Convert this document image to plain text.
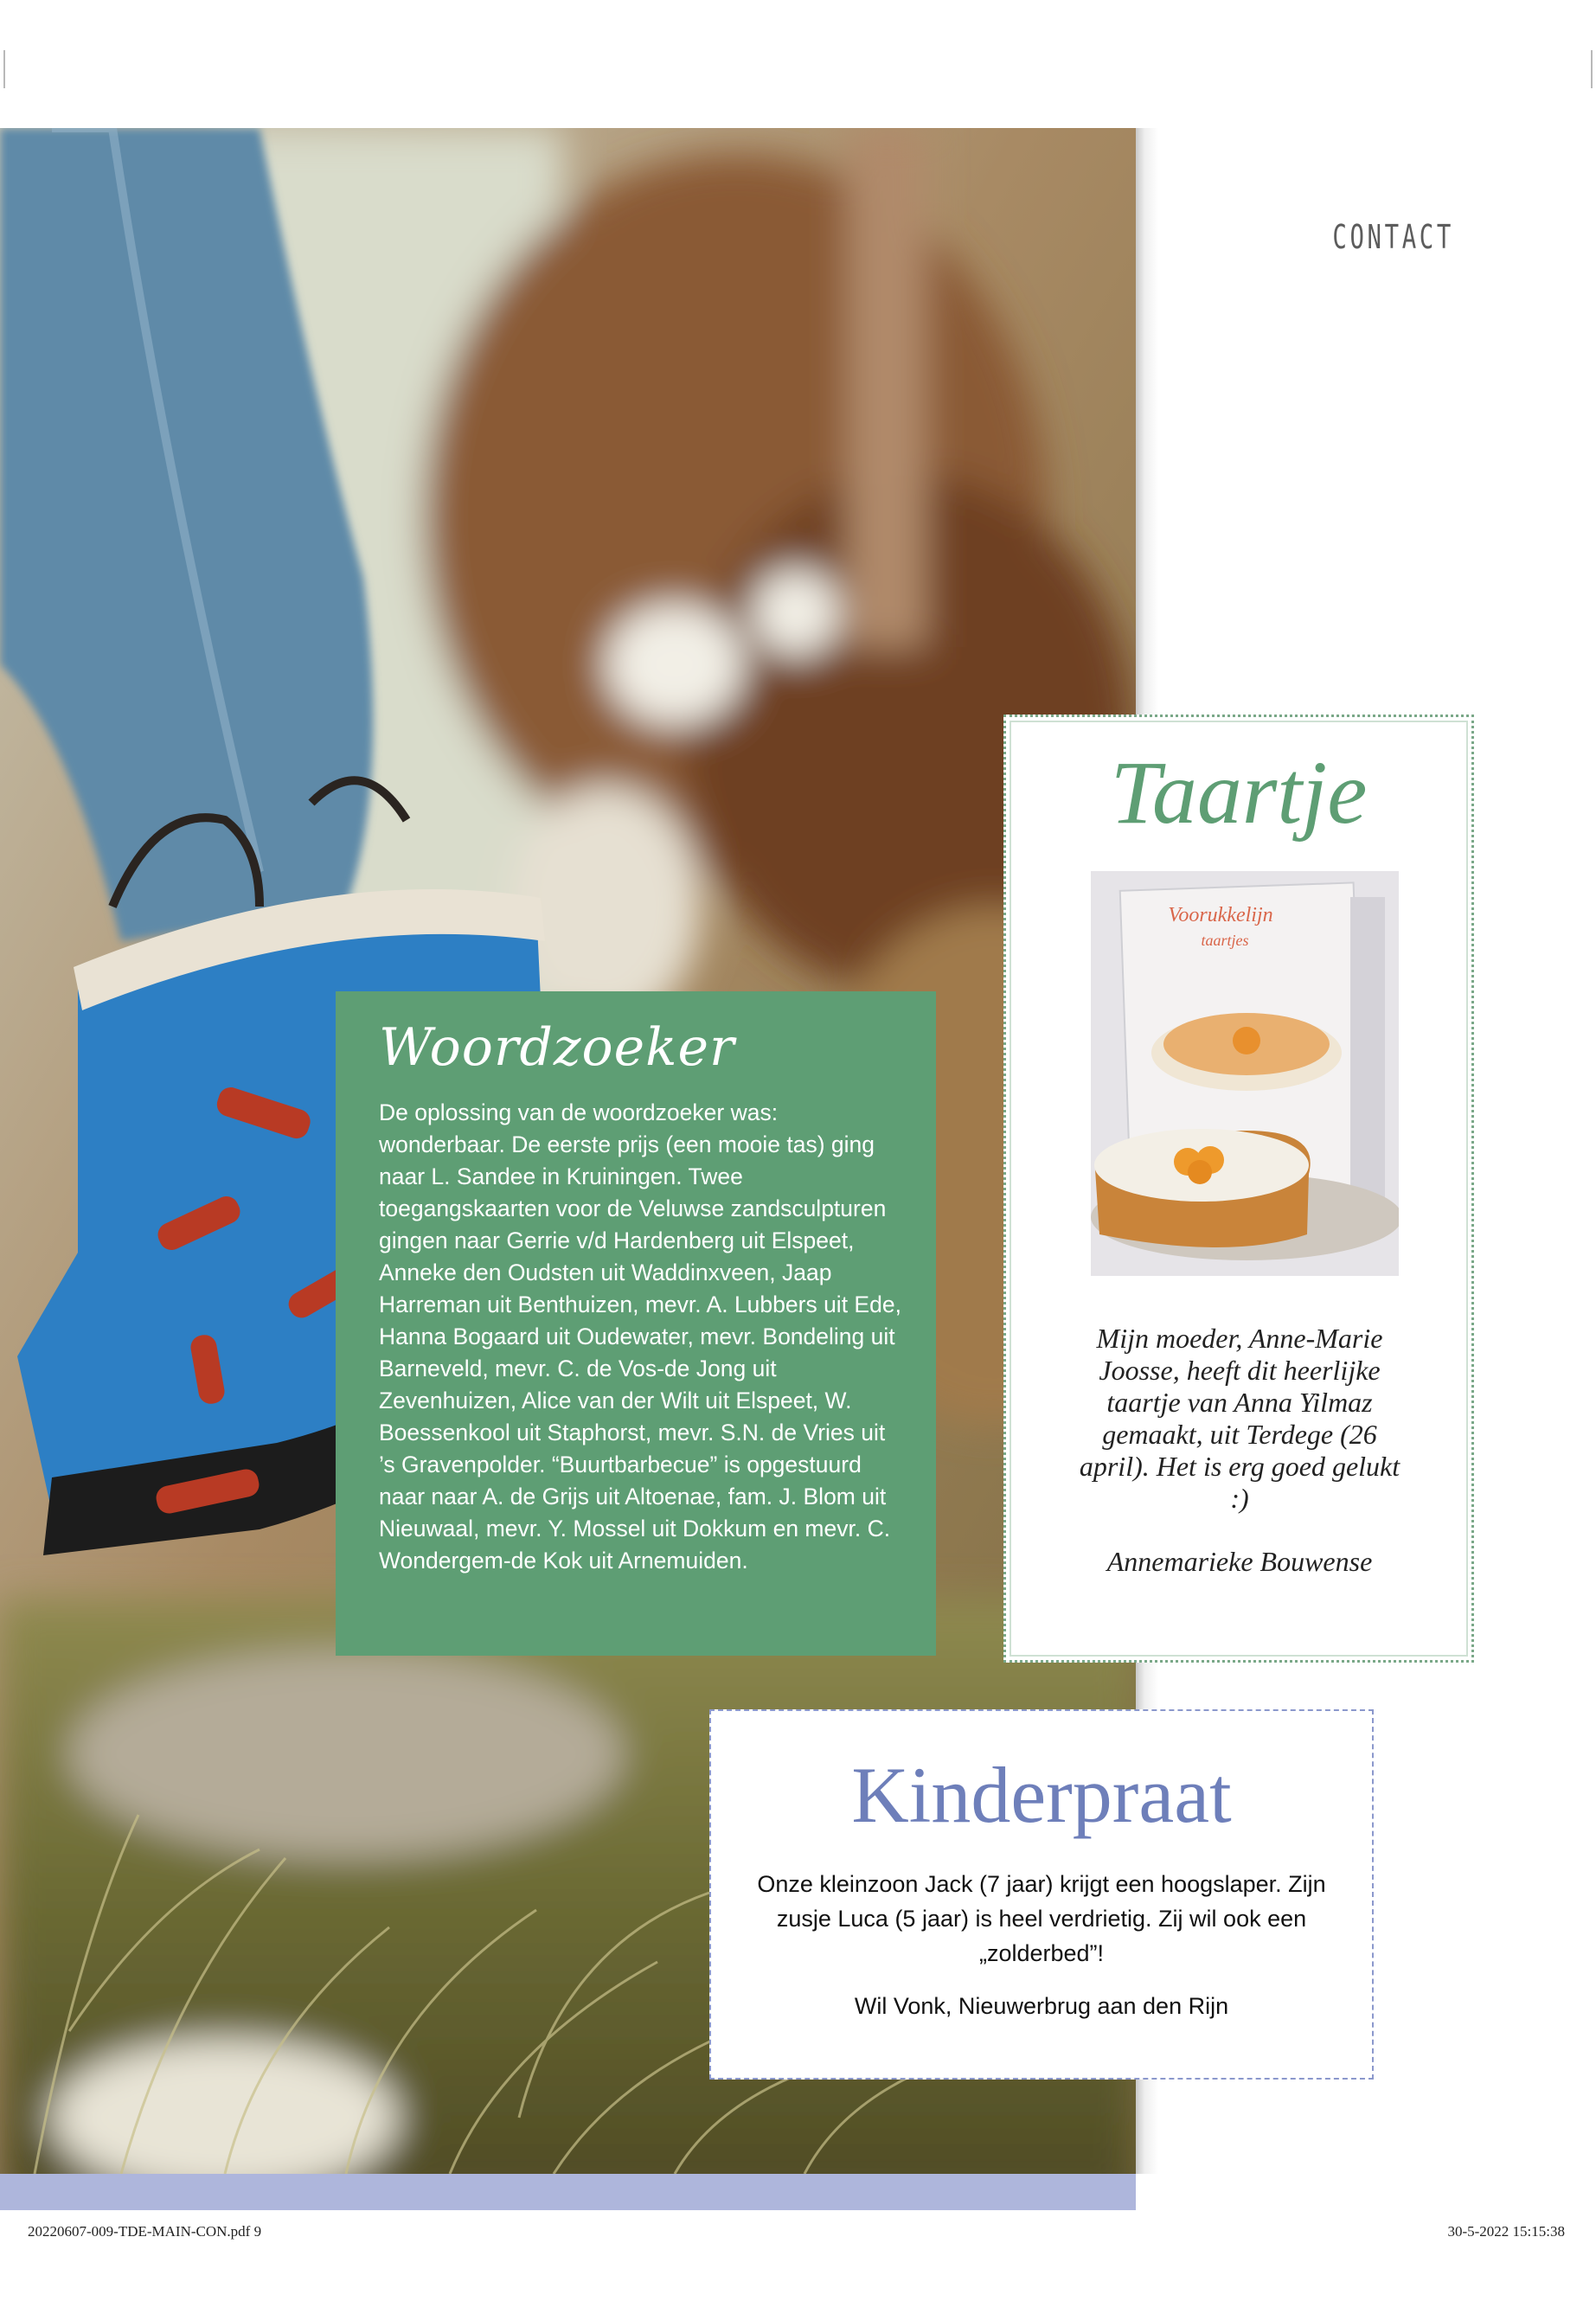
CONTACT
Woordzoeker
De oplossing van de woordzoeker was: wonderbaar. De eerste prijs (een mooie tas) ging naar L. Sandee in Kruiningen. Twee toegangskaarten voor de Veluwse zandsculpturen gingen naar Gerrie v/d Hardenberg uit Elspeet, Anneke den Oudsten uit Waddinxveen, Jaap Harreman uit Benthuizen, mevr. A. Lubbers uit Ede, Hanna Bogaard uit Oudewater, mevr. Bondeling uit Barneveld, mevr. C. de Vos-de Jong uit Zevenhuizen, Alice van der Wilt uit Elspeet, W. Boessenkool uit Staphorst, mevr. S.N. de Vries uit ’s Gravenpolder. “Buurtbarbecue” is opgestuurd naar naar A. de Grijs uit Altoenae, fam. J. Blom uit Nieuwaal, mevr. Y. Mossel uit Dokkum en mevr. C. Wondergem-de Kok uit Arnemuiden.
Taartje
Voorukkelijn
taartjes
Mijn moeder, Anne-Marie Joosse, heeft dit heerlijke taartje van Anna Yilmaz gemaakt, uit Terdege (26 april). Het is erg goed gelukt :)
Annemarieke Bouwense
Kinderpraat
Onze kleinzoon Jack (7 jaar) krijgt een hoogslaper. Zijn zusje Luca (5 jaar) is heel verdrietig. Zij wil ook een „zolderbed”!
Wil Vonk, Nieuwerbrug aan den Rijn
20220607-009-TDE-MAIN-CON.pdf 9	30-5-2022 15:15:38
